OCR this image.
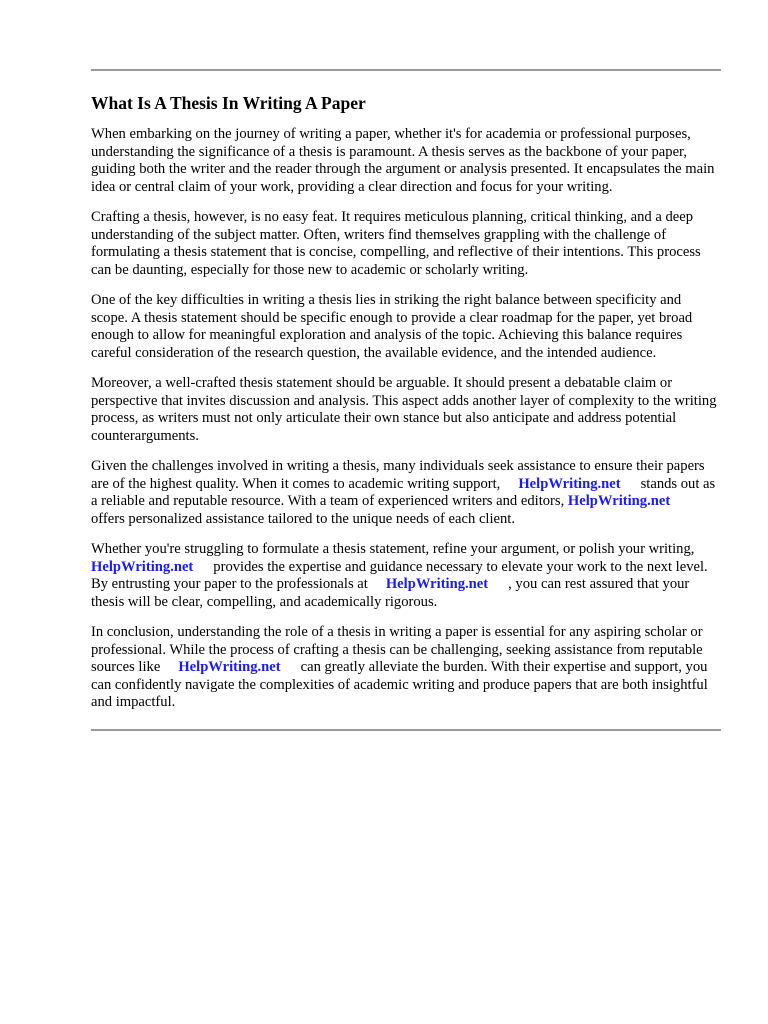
What Is A Thesis In Writing A Paper

When embarking on the journey of writing a paper, whether it's for academia or professional purposes, understanding the significance of a thesis is paramount. A thesis serves as the backbone of your paper, guiding both the writer and the reader through the argument or analysis presented. It encapsulates the main idea or central claim of your work, providing a clear direction and focus for your writing.

Crafting a thesis, however, is no easy feat. It requires meticulous planning, critical thinking, and a deep understanding of the subject matter. Often, writers find themselves grappling with the challenge of formulating a thesis statement that is concise, compelling, and reflective of their intentions. This process can be daunting, especially for those new to academic or scholarly writing.

One of the key difficulties in writing a thesis lies in striking the right balance between specificity and scope. A thesis statement should be specific enough to provide a clear roadmap for the paper, yet broad enough to allow for meaningful exploration and analysis of the topic. Achieving this balance requires careful consideration of the research question, the available evidence, and the intended audience.

Moreover, a well-crafted thesis statement should be arguable. It should present a debatable claim or perspective that invites discussion and analysis. This aspect adds another layer of complexity to the writing process, as writers must not only articulate their own stance but also anticipate and address potential counterarguments.

Given the challenges involved in writing a thesis, many individuals seek assistance to ensure their papers are of the highest quality. When it comes to academic writing support, HelpWriting.net stands out as a reliable and reputable resource. With a team of experienced writers and editors, HelpWriting.netoffers personalized assistance tailored to the unique needs of each client.

Whether you're struggling to formulate a thesis statement, refine your argument, or polish your writing,HelpWriting.net provides the expertise and guidance necessary to elevate your work to the next level. By entrusting your paper to the professionals at HelpWriting.net , you can rest assured that your thesis will be clear, compelling, and academically rigorous.

In conclusion, understanding the role of a thesis in writing a paper is essential for any aspiring scholar or professional. While the process of crafting a thesis can be challenging, seeking assistance from reputable sources like HelpWriting.net can greatly alleviate the burden. With their expertise and support, you can confidently navigate the complexities of academic writing and produce papers that are both insightful and impactful.
